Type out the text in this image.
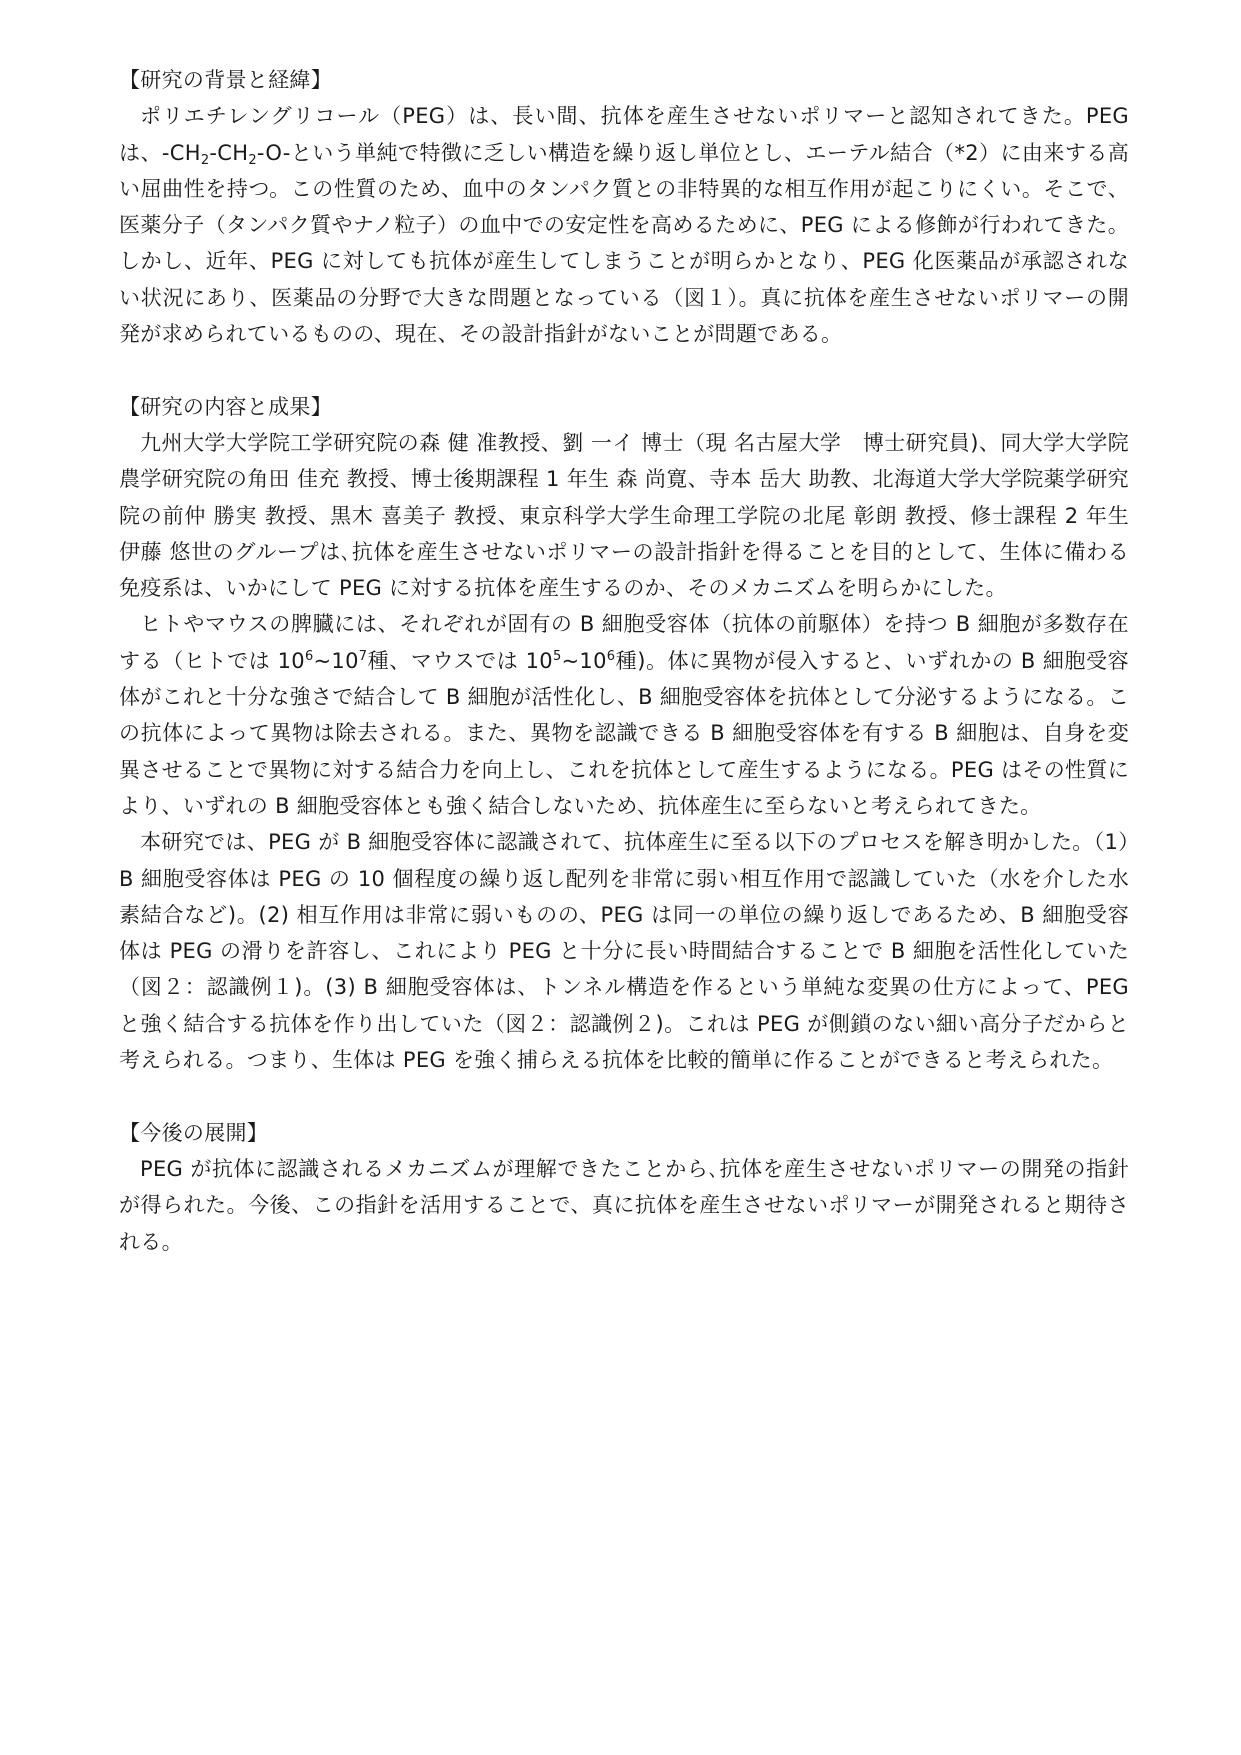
【研究の背景と経緯】

ポリエチレングリコール（PEG）は、長い間、抗体を産生させないポリマーと認知されてきた。PEG は、$-CH_2-CH_2-O-$という単純で特徴に乏しい構造を繰り返し単位とし、エーテル結合（*2）に由来する高い屈曲性を持つ。この性質のため、血中のタンパク質との非特異的な相互作用が起こりにくい。そこで、医薬分子（タンパク質やナノ粒子）の血中での安定性を高めるために、PEG による修飾が行われてきた。しかし、近年、PEG に対しても抗体が産生してしまうことが明らかとなり、PEG 化医薬品が承認されない状況にあり、医薬品の分野で大きな問題となっている（図１）。真に抗体を産生させないポリマーの開発が求められているものの、現在、その設計指針がないことが問題である。

【研究の内容と成果】

九州大学大学院工学研究院の森 健 准教授、劉 一イ 博士（現 名古屋大学　博士研究員)、同大学大学院農学研究院の角田 佳充 教授、博士後期課程 1 年生 森 尚寛、寺本 岳大 助教、北海道大学大学院薬学研究院の前仲 勝実 教授、黒木 喜美子 教授、東京科学大学生命理工学院の北尾 彰朗 教授、修士課程 2 年生 伊藤 悠世のグループは､抗体を産生させないポリマーの設計指針を得ることを目的として、生体に備わる免疫系は、いかにして PEG に対する抗体を産生するのか、そのメカニズムを明らかにした。

ヒトやマウスの脾臓には、それぞれが固有の B 細胞受容体（抗体の前駆体）を持つ B 細胞が多数存在する（ヒトでは $10^6\sim 10^7$種、マウスでは $10^5\sim 10^6$種)。体に異物が侵入すると、いずれかの B 細胞受容体がこれと十分な強さで結合して B 細胞が活性化し、B 細胞受容体を抗体として分泌するようになる。この抗体によって異物は除去される。また、異物を認識できる B 細胞受容体を有する B 細胞は、自身を変異させることで異物に対する結合力を向上し、これを抗体として産生するようになる。PEG はその性質により、いずれの B 細胞受容体とも強く結合しないため、抗体産生に至らないと考えられてきた。

本研究では、PEG が B 細胞受容体に認識されて、抗体産生に至る以下のプロセスを解き明かした。（1）B 細胞受容体は PEG の 10 個程度の繰り返し配列を非常に弱い相互作用で認識していた（水を介した水素結合など)。(2) 相互作用は非常に弱いものの、PEG は同一の単位の繰り返しであるため、B 細胞受容体は PEG の滑りを許容し、これにより PEG と十分に長い時間結合することで B 細胞を活性化していた（図２：認識例１)。(3) B 細胞受容体は、トンネル構造を作るという単純な変異の仕方によって、PEG と強く結合する抗体を作り出していた（図２：認識例２)。これは PEG が側鎖のない細い高分子だからと考えられる。つまり、生体は PEG を強く捕らえる抗体を比較的簡単に作ることができると考えられた。

【今後の展開】

PEG が抗体に認識されるメカニズムが理解できたことから､抗体を産生させないポリマーの開発の指針が得られた。今後、この指針を活用することで、真に抗体を産生させないポリマーが開発されると期待される。
